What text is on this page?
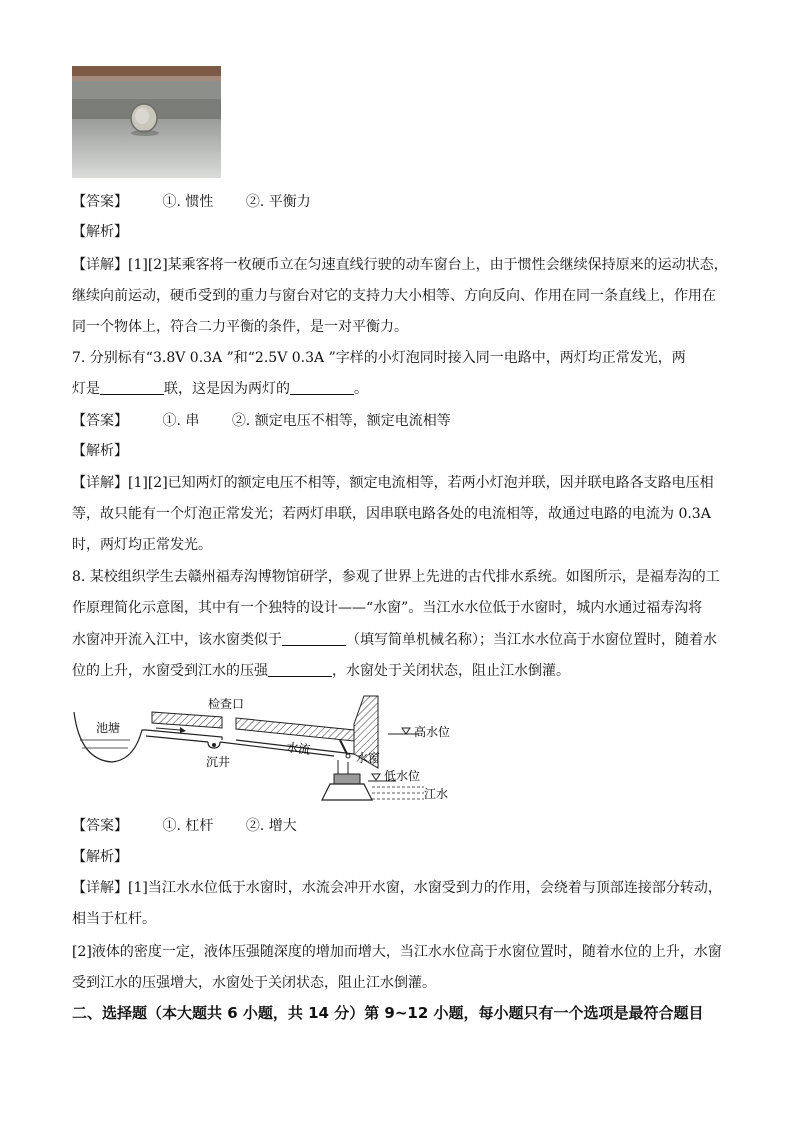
【答案】 ①. 惯性 ②. 平衡力
【解析】
【详解】[1][2]某乘客将一枚硬币立在匀速直线行驶的动车窗台上，由于惯性会继续保持原来的运动状态，
继续向前运动，硬币受到的重力与窗台对它的支持力大小相等、方向反向、作用在同一条直线上，作用在
同一个物体上，符合二力平衡的条件，是一对平衡力。
7. 分别标有“3.8V 0.3A ”和“2.5V 0.3A ”字样的小灯泡同时接入同一电路中，两灯均正常发光，两
灯是	联，这是因为两灯的	。
【答案】 ①. 串 ②. 额定电压不相等，额定电流相等
【解析】
【详解】[1][2]已知两灯的额定电压不相等，额定电流相等，若两小灯泡并联，因并联电路各支路电压相
等，故只能有一个灯泡正常发光；若两灯串联，因串联电路各处的电流相等，故通过电路的电流为 0.3A
时，两灯均正常发光。
8. 某校组织学生去赣州福寿沟博物馆研学，参观了世界上先进的古代排水系统。如图所示，是福寿沟的工
作原理简化示意图，其中有一个独特的设计——“水窗”。当江水水位低于水窗时，城内水通过福寿沟将
水窗冲开流入江中，该水窗类似于	（填写简单机械名称）；当江水水位高于水窗位置时，随着水
位的上升，水窗受到江水的压强	，水窗处于关闭状态，阻止江水倒灌。
池塘
检查口
沉井
水流
水窗
高水位
低水位
江水
【答案】 ①. 杠杆 ②. 增大
【解析】
【详解】[1]当江水水位低于水窗时，水流会冲开水窗，水窗受到力的作用，会绕着与顶部连接部分转动，
相当于杠杆。
[2]液体的密度一定，液体压强随深度的增加而增大，当江水水位高于水窗位置时，随着水位的上升，水窗
受到江水的压强增大，水窗处于关闭状态，阻止江水倒灌。
二、选择题（本大题共 6 小题，共 14 分）第 9~12 小题，每小题只有一个选项是最符合题目
